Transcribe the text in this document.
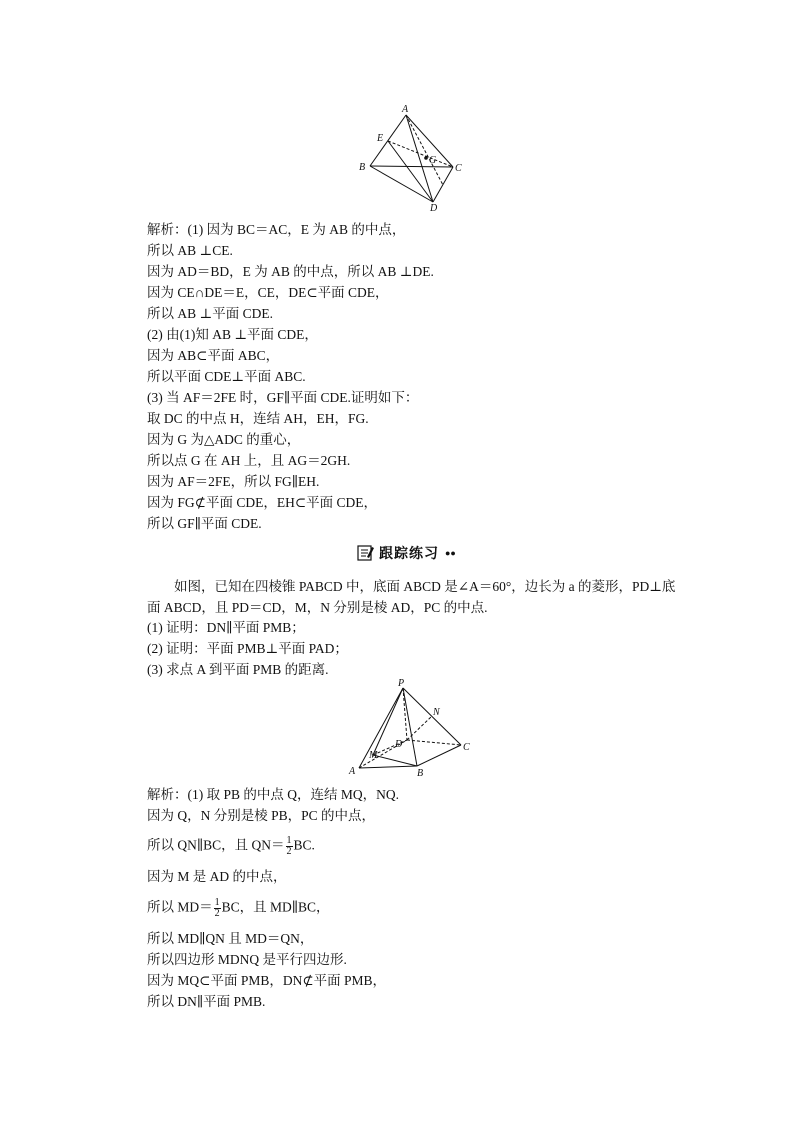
A
E
G
B	C
D
解析：(1) 因为 BC＝AC，E 为 AB 的中点，
所以 AB ⊥CE.
因为 AD＝BD，E 为 AB 的中点，所以 AB ⊥DE.
因为 CE∩DE＝E，CE，DE⊂平面 CDE，
所以 AB ⊥平面 CDE.
(2) 由(1)知 AB ⊥平面 CDE，
因为 AB⊂平面 ABC，
所以平面 CDE⊥平面 ABC.
(3) 当 AF＝2FE 时，GF∥平面 CDE.证明如下：
取 DC 的中点 H，连结 AH，EH，FG.
因为 G 为△ADC 的重心，
所以点 G 在 AH 上，且 AG＝2GH.
因为 AF＝2FE，所以 FG∥EH.
因为 FG⊄平面 CDE，EH⊂平面 CDE，
所以 GF∥平面 CDE.
跟踪练习 ●●
如图，已知在四棱锥 PABCD 中，底面 ABCD 是∠A＝60°，边长为 a 的菱形，PD⊥底面 ABCD，且 PD＝CD，M，N 分别是棱 AD，PC 的中点.
(1) 证明：DN∥平面 PMB；
(2) 证明：平面 PMB⊥平面 PAD；
(3) 求点 A 到平面 PMB 的距离.
P
N
D	C
M
A	B
解析：(1) 取 PB 的中点 Q，连结 MQ，NQ.
因为 Q，N 分别是棱 PB，PC 的中点，
所以 QN∥BC，且 $QN= \frac{1}{2}$ BC.
因为 M 是 AD 的中点，
所以 $MD= \frac{1}{2}$ BC，且 MD∥BC，
所以 MD∥QN 且 MD＝QN，
所以四边形 MDNQ 是平行四边形.
因为 MQ⊂平面 PMB，DN⊄平面 PMB，
所以 DN∥平面 PMB.
